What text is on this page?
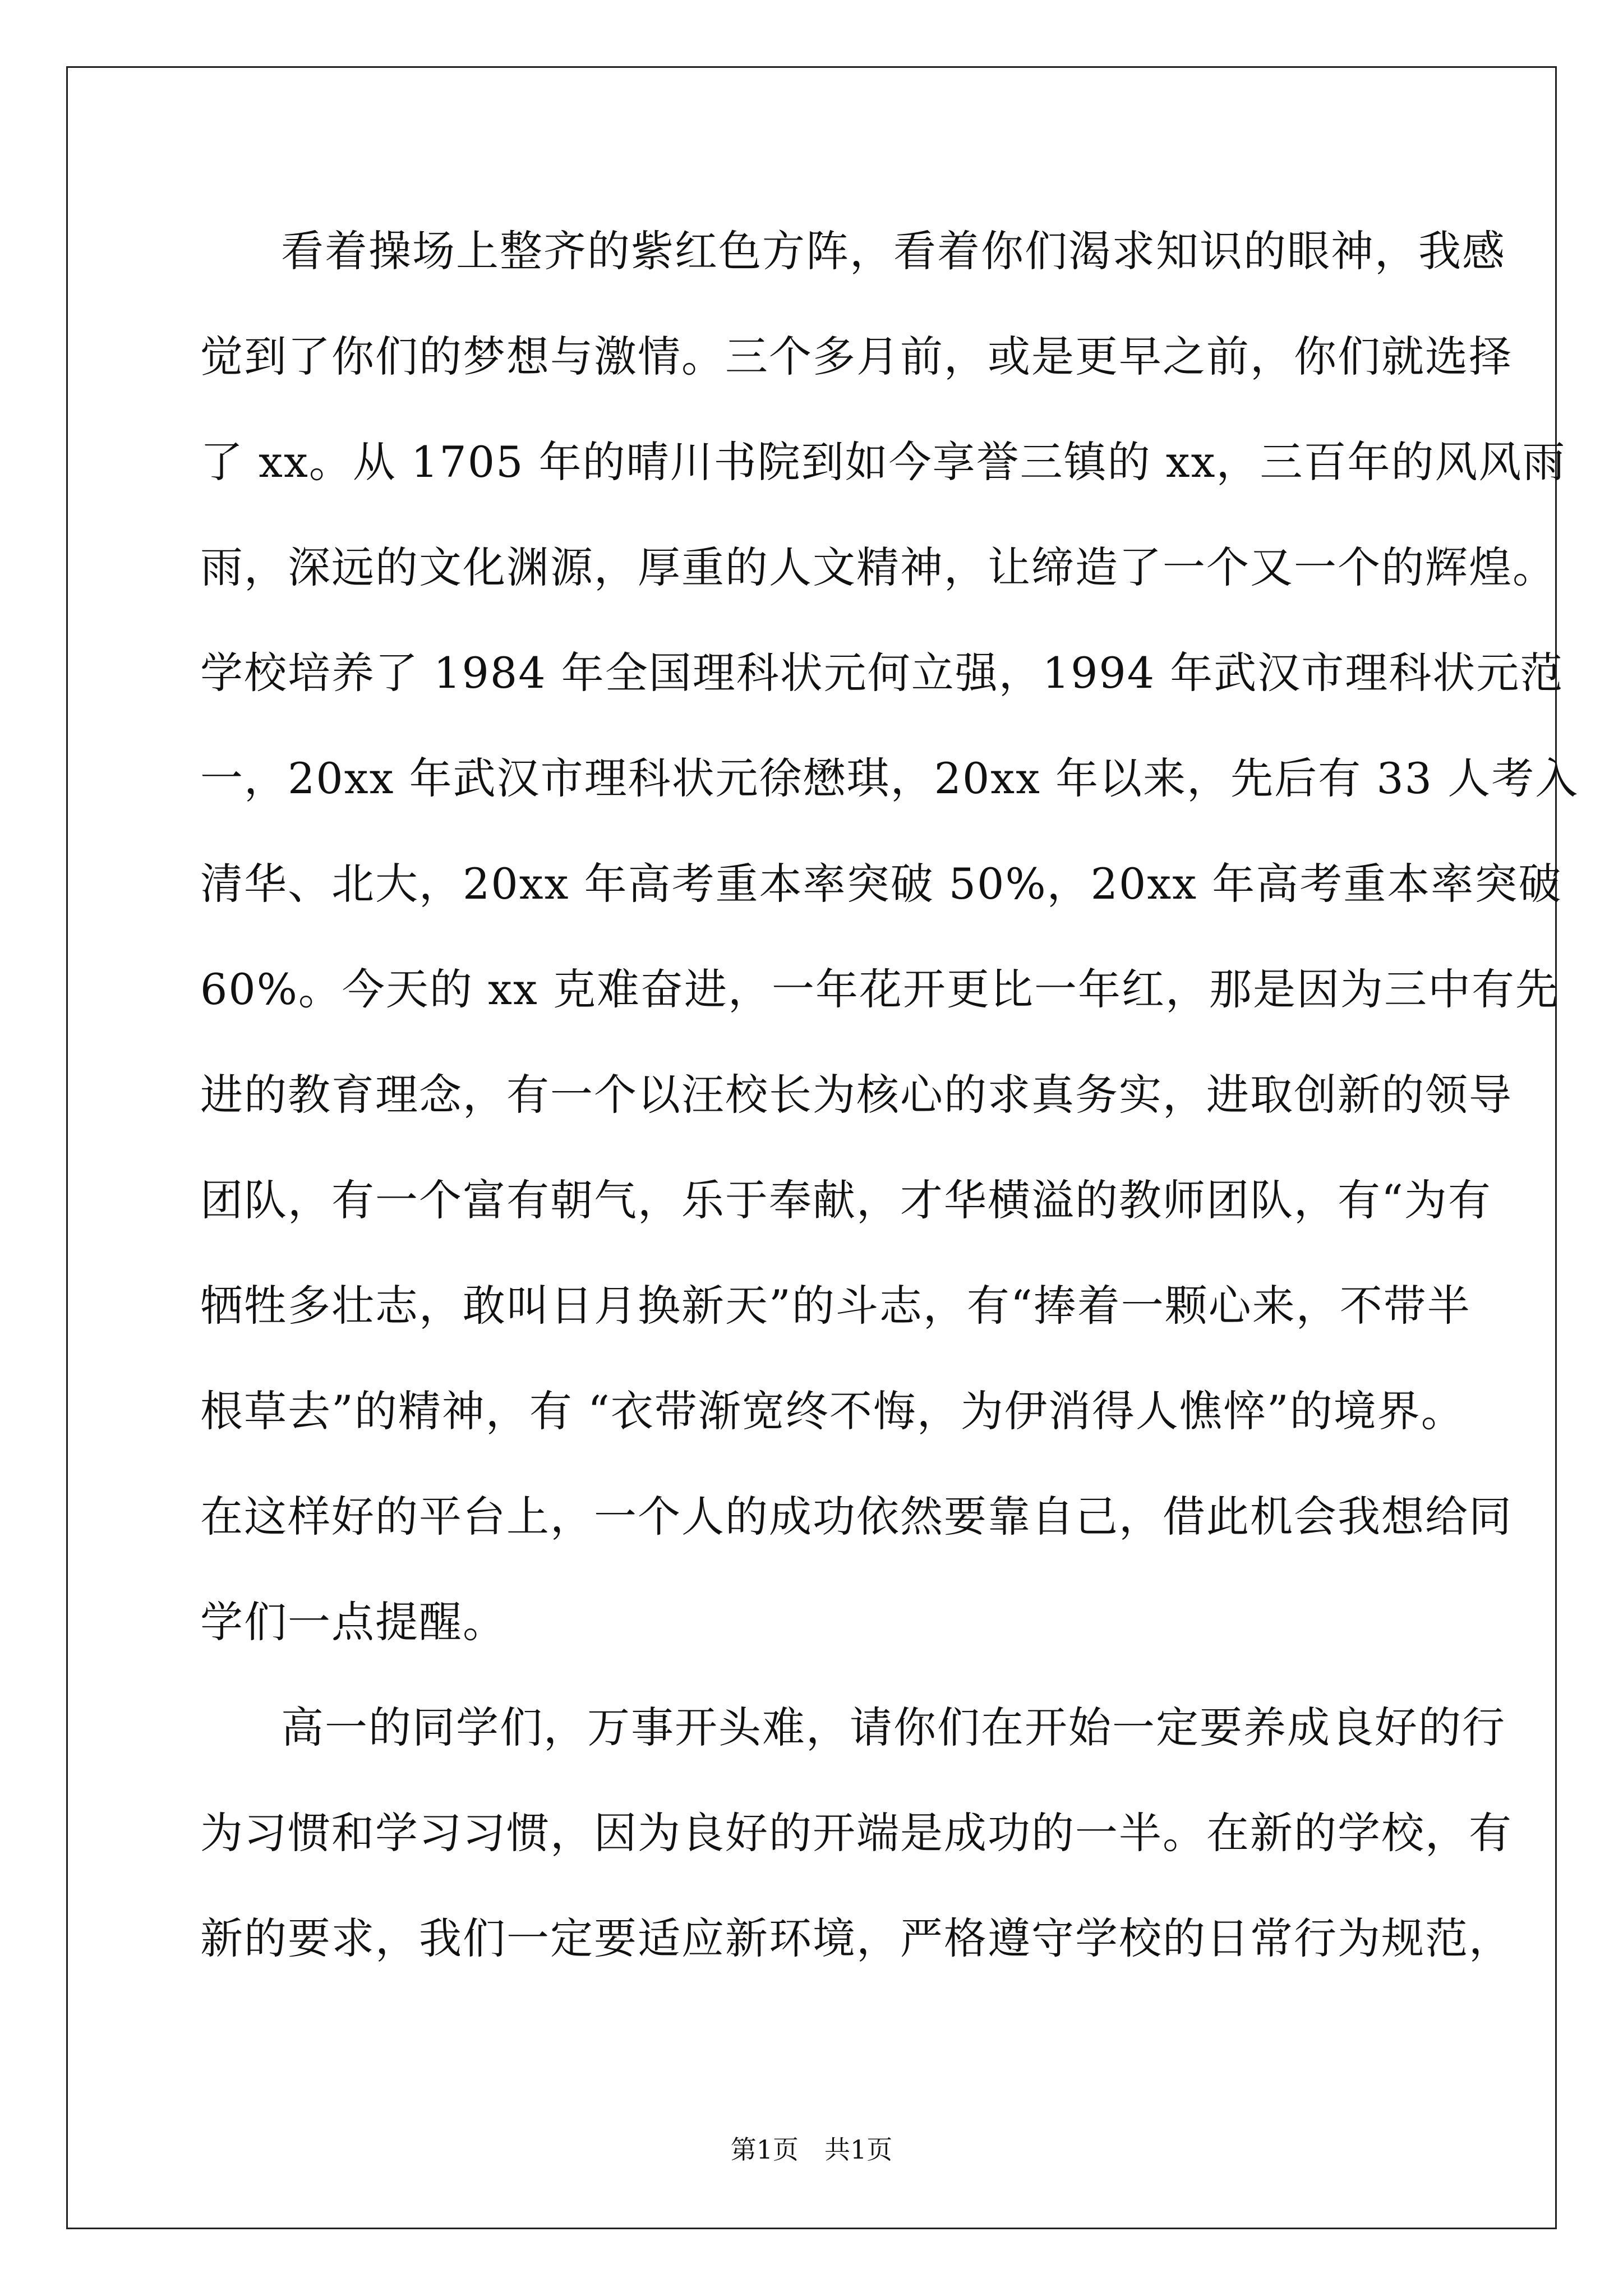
看着操场上整齐的紫红色方阵，看着你们渴求知识的眼神，我感
觉到了你们的梦想与激情。三个多月前，或是更早之前，你们就选择
了 xx。从 1705 年的晴川书院到如今享誉三镇的 xx，三百年的风风雨
雨，深远的文化渊源，厚重的人文精神，让缔造了一个又一个的辉煌。
学校培养了 1984 年全国理科状元何立强，1994 年武汉市理科状元范
一，20xx 年武汉市理科状元徐懋琪，20xx 年以来，先后有 33 人考入
清华、北大，20xx 年高考重本率突破 50%，20xx 年高考重本率突破
60%。今天的 xx 克难奋进，一年花开更比一年红，那是因为三中有先
进的教育理念，有一个以汪校长为核心的求真务实，进取创新的领导
团队，有一个富有朝气，乐于奉献，才华横溢的教师团队，有“为有
牺牲多壮志，敢叫日月换新天”的斗志，有“捧着一颗心来，不带半
根草去”的精神，有 “衣带渐宽终不悔，为伊消得人憔悴”的境界。
在这样好的平台上，一个人的成功依然要靠自己，借此机会我想给同
学们一点提醒。
高一的同学们，万事开头难，请你们在开始一定要养成良好的行
为习惯和学习习惯，因为良好的开端是成功的一半。在新的学校，有
新的要求，我们一定要适应新环境，严格遵守学校的日常行为规范，
第1页　共1页
